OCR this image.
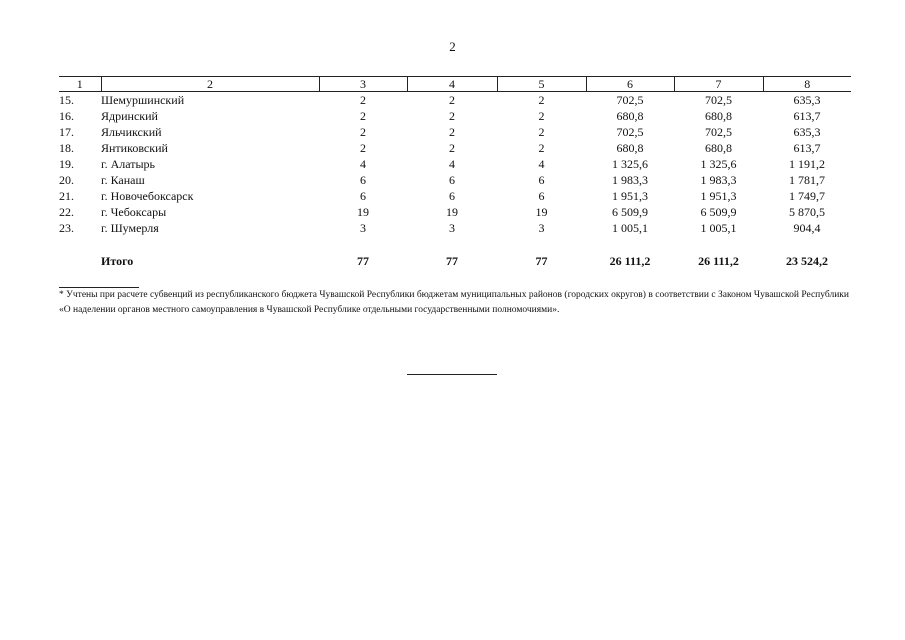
2
1	2	3	4	5	6	7	8
15.	Шемуршинский	2	2	2	702,5	702,5	635,3
16.	Ядринский	2	2	2	680,8	680,8	613,7
17.	Яльчикский	2	2	2	702,5	702,5	635,3
18.	Янтиковский	2	2	2	680,8	680,8	613,7
19.	г. Алатырь	4	4	4	1 325,6	1 325,6	1 191,2
20.	г. Канаш	6	6	6	1 983,3	1 983,3	1 781,7
21.	г. Новочебоксарск	6	6	6	1 951,3	1 951,3	1 749,7
22.	г. Чебоксары	19	19	19	6 509,9	6 509,9	5 870,5
23.	г. Шумерля	3	3	3	1 005,1	1 005,1	904,4

	Итого	77	77	77	26 111,2	26 111,2	23 524,2
* Учтены при расчете субвенций из республиканского бюджета Чувашской Республики бюджетам муниципальных районов (городских округов) в соответствии с Законом Чувашской Республики «О наделении органов местного самоуправления в Чувашской Республике отдельными государственными полномочиями».
